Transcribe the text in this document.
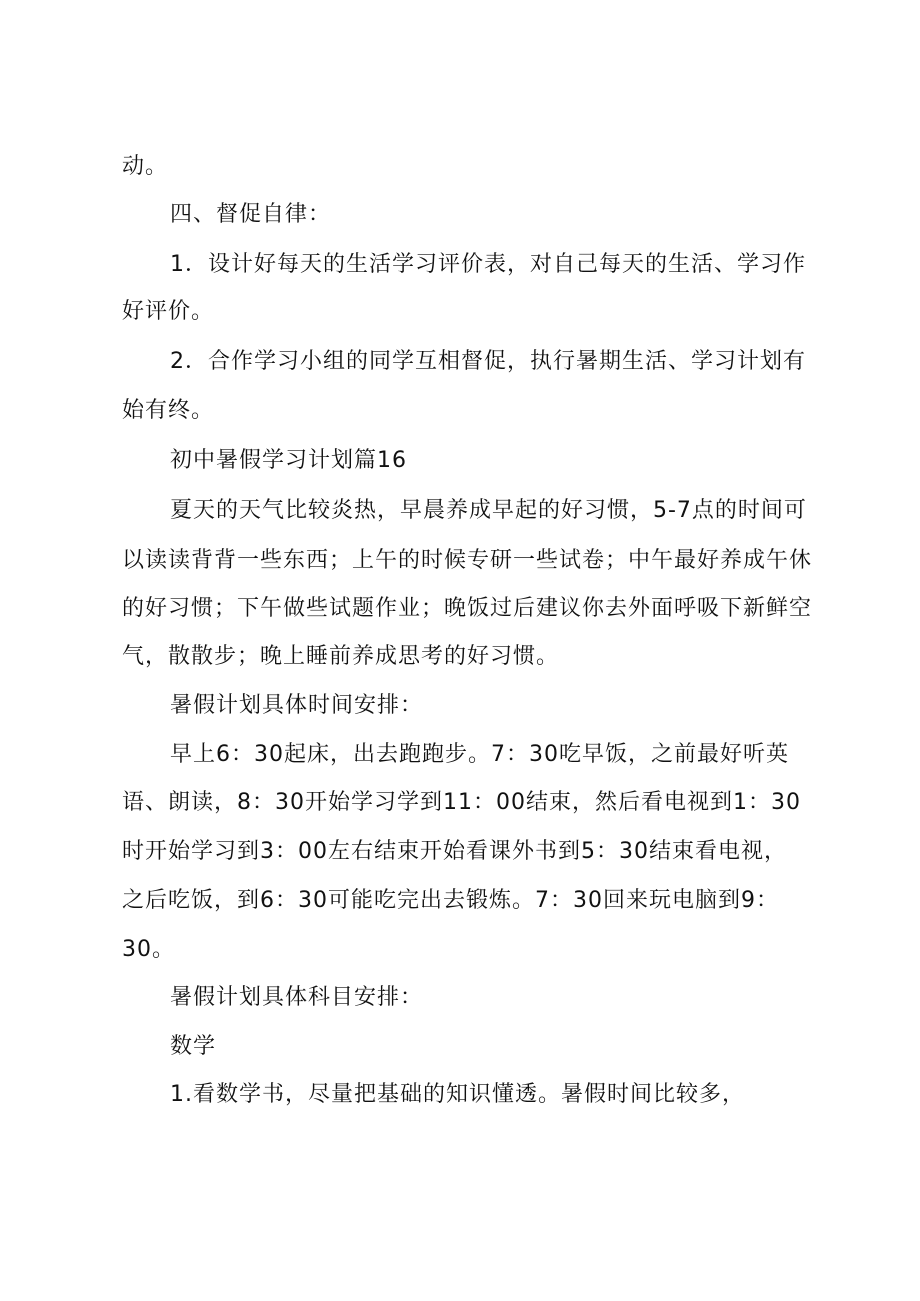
动。
四、督促自律：
1．设计好每天的生活学习评价表，对自己每天的生活、学习作
好评价。
2．合作学习小组的同学互相督促，执行暑期生活、学习计划有
始有终。
初中暑假学习计划篇16
夏天的天气比较炎热，早晨养成早起的好习惯，5-7点的时间可
以读读背背一些东西；上午的时候专研一些试卷；中午最好养成午休
的好习惯；下午做些试题作业；晚饭过后建议你去外面呼吸下新鲜空
气，散散步；晚上睡前养成思考的好习惯。
暑假计划具体时间安排：
早上6：30起床，出去跑跑步。7：30吃早饭，之前最好听英
语、朗读，8：30开始学习学到11：00结束，然后看电视到1：30
时开始学习到3：00左右结束开始看课外书到5：30结束看电视，
之后吃饭，到6：30可能吃完出去锻炼。7：30回来玩电脑到9：
30。
暑假计划具体科目安排：
数学
1.看数学书，尽量把基础的知识懂透。暑假时间比较多，
